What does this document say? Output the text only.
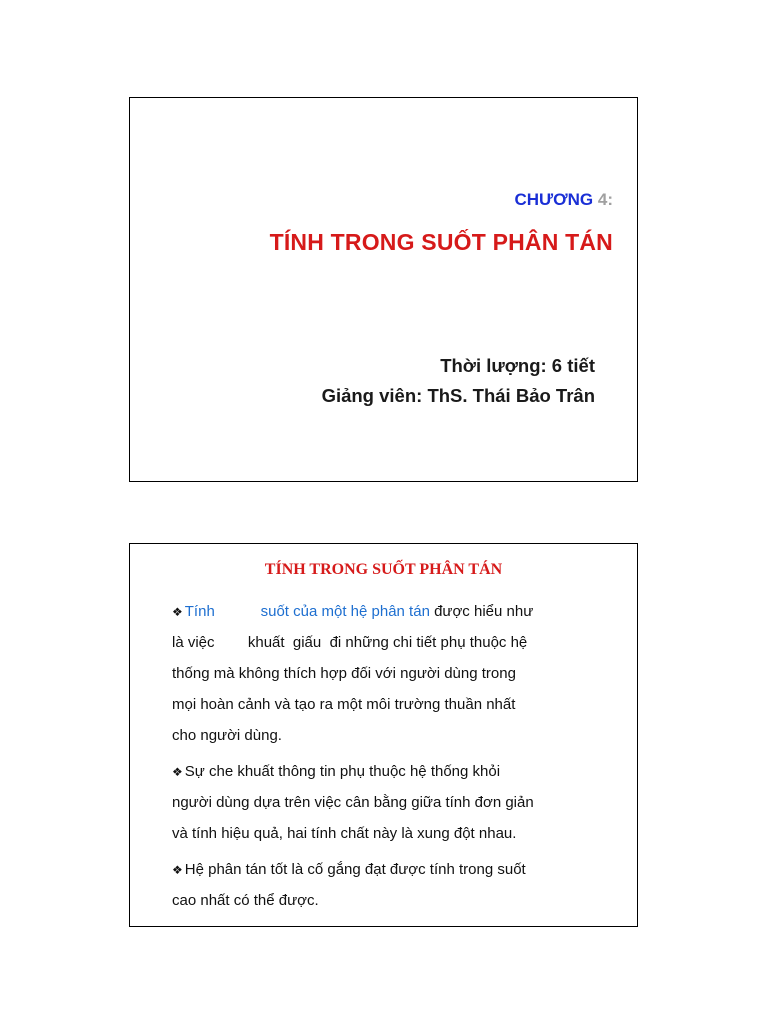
CHƯƠNG 4:
TÍNH TRONG SUỐT PHÂN TÁN
Thời lượng: 6 tiết
Giảng viên: ThS. Thái Bảo Trân
TÍNH TRONG SUỐT PHÂN TÁN
❖ Tính           suốt của một hệ phân tán được hiểu như
là việc        khuất  giấu  đi những chi tiết phụ thuộc hệ
thống mà không thích hợp đối với người dùng trong
mọi hoàn cảnh và tạo ra một môi trường thuần nhất
cho người dùng.
❖ Sự che khuất thông tin phụ thuộc hệ thống khỏi
người dùng dựa trên việc cân bằng giữa tính đơn giản
và tính hiệu quả, hai tính chất này là xung đột nhau.
❖ Hệ phân tán tốt là cố gắng đạt được tính trong suốt
cao nhất có thể được.
